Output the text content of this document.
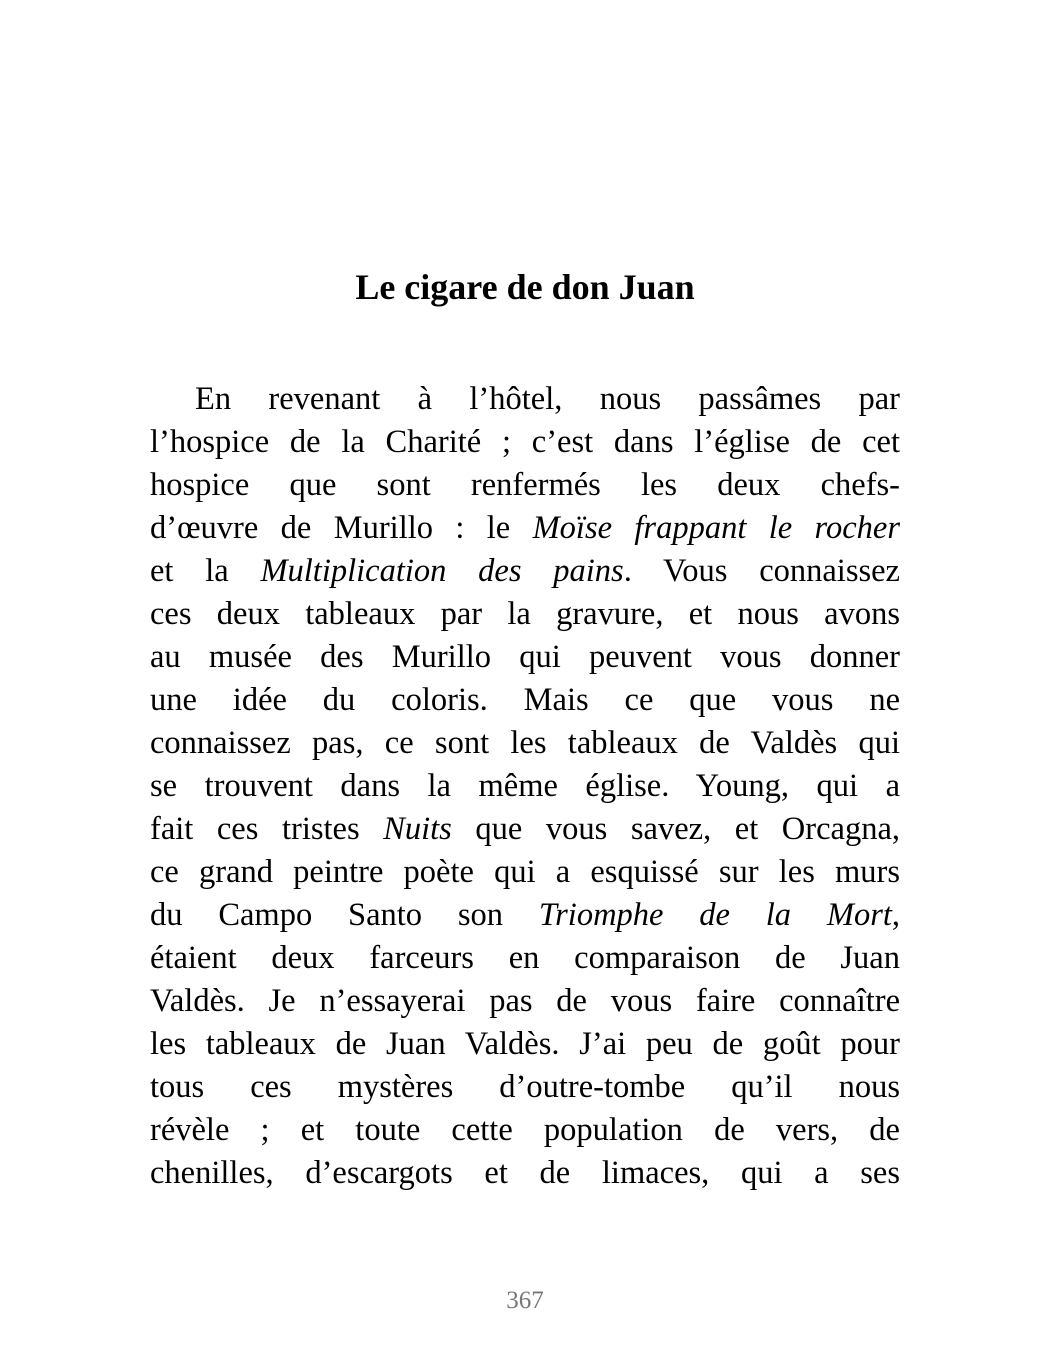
Le cigare de don Juan
En revenant à l’hôtel, nous passâmes par
l’hospice de la Charité ; c’est dans l’église de cet
hospice que sont renfermés les deux chefs-
d’œuvre de Murillo : le Moïse frappant le rocher
et la Multiplication des pains. Vous connaissez
ces deux tableaux par la gravure, et nous avons
au musée des Murillo qui peuvent vous donner
une idée du coloris. Mais ce que vous ne
connaissez pas, ce sont les tableaux de Valdès qui
se trouvent dans la même église. Young, qui a
fait ces tristes Nuits que vous savez, et Orcagna,
ce grand peintre poète qui a esquissé sur les murs
du Campo Santo son Triomphe de la Mort,
étaient deux farceurs en comparaison de Juan
Valdès. Je n’essayerai pas de vous faire connaître
les tableaux de Juan Valdès. J’ai peu de goût pour
tous ces mystères d’outre-tombe qu’il nous
révèle ; et toute cette population de vers, de
chenilles, d’escargots et de limaces, qui a ses
367
